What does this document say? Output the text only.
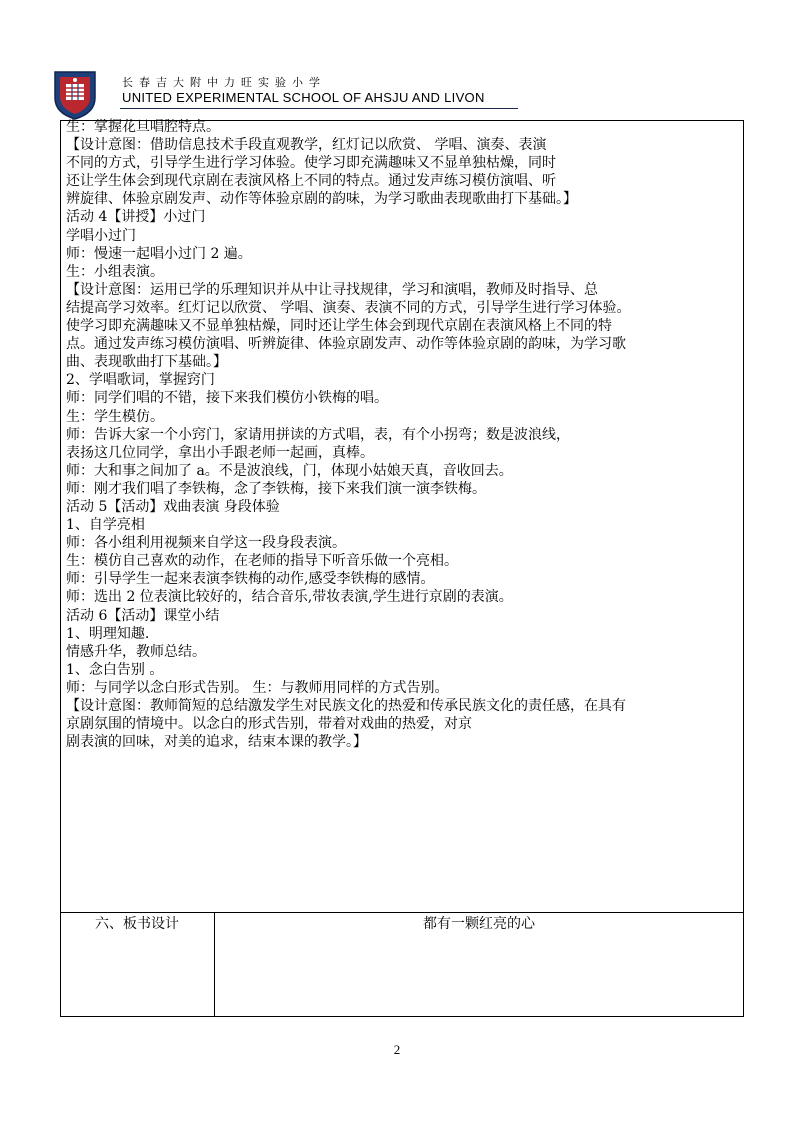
长春吉大附中力旺实验小学
UNITED EXPERIMENTAL SCHOOL OF AHSJU AND LIVON
生：掌握花旦唱腔特点。
【设计意图：借助信息技术手段直观教学，红灯记以欣赏、 学唱、演奏、表演
不同的方式，引导学生进行学习体验。使学习即充满趣味又不显单独枯燥，同时
还让学生体会到现代京剧在表演风格上不同的特点。通过发声练习模仿演唱、听
辨旋律、体验京剧发声、动作等体验京剧的韵味，为学习歌曲表现歌曲打下基础。】
活动 4【讲授】小过门
学唱小过门
师：慢速一起唱小过门 2 遍。
生：小组表演。
【设计意图：运用已学的乐理知识并从中让寻找规律，学习和演唱，教师及时指导、总
结提高学习效率。红灯记以欣赏、 学唱、演奏、表演不同的方式，引导学生进行学习体验。
使学习即充满趣味又不显单独枯燥，同时还让学生体会到现代京剧在表演风格上不同的特
点。通过发声练习模仿演唱、听辨旋律、体验京剧发声、动作等体验京剧的韵味，为学习歌
曲、表现歌曲打下基础。】
2、学唱歌词，掌握窍门
师：同学们唱的不错，接下来我们模仿小铁梅的唱。
生：学生模仿。
师：告诉大家一个小窍门，家请用拼读的方式唱，表，有个小拐弯；数是波浪线，
表扬这几位同学，拿出小手跟老师一起画，真棒。
师：大和事之间加了 a。不是波浪线，门，体现小姑娘天真，音收回去。
师：刚才我们唱了李铁梅，念了李铁梅，接下来我们演一演李铁梅。
活动 5【活动】戏曲表演 身段体验
1、自学亮相
师：各小组利用视频来自学这一段身段表演。
生：模仿自己喜欢的动作，在老师的指导下听音乐做一个亮相。
师：引导学生一起来表演李铁梅的动作,感受李铁梅的感情。
师：选出 2 位表演比较好的，结合音乐,带妆表演,学生进行京剧的表演。
活动 6【活动】课堂小结
1、明理知趣.
情感升华，教师总结。
1、念白告别 。
师：与同学以念白形式告别。 生：与教师用同样的方式告别。
【设计意图：教师简短的总结激发学生对民族文化的热爱和传承民族文化的责任感，在具有
京剧氛围的情境中。以念白的形式告别，带着对戏曲的热爱，对京
剧表演的回味，对美的追求，结束本课的教学。】
六、板书设计	都有一颗红亮的心
2
